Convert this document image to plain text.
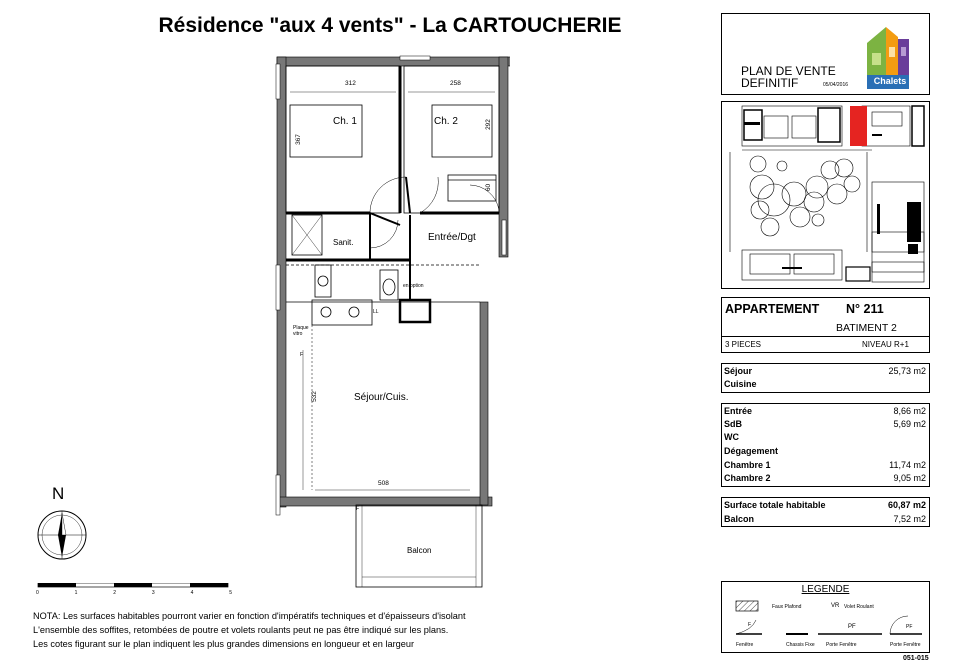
Résidence "aux 4 vents" - La CARTOUCHERIE
PLAN DE VENTE
DEFINITIF	05/04/2016	Chalets
APPARTEMENT N° 211
BATIMENT 2
3 PIECES	NIVEAU R+1
Séjour	25,73 m2
Cuisine
Entrée	8,66 m2
SdB	5,69 m2
WC
Dégagement
Chambre 1	11,74 m2
Chambre 2	9,05 m2
Surface totale habitable	60,87 m2
Balcon	7,52 m2
LEGENDE
Faux Plafond	VR Volet Roulant
F	PF	PF
Fenêtre	Chassis Fixe Porte Fenêtre	Porte Fenêtre
051-015
Ch. 1	Ch. 2
Sanit.	Entrée/Dgt
Séjour/Cuis.
Balcon
312	258
367
292
60
532
508
en option
Plaque
vitro
LL
F
F
N
0	1	2	3	4	5
NOTA: Les surfaces habitables pourront varier en fonction d'impératifs techniques et d'épaisseurs d'isolant
L'ensemble des soffites, retombées de poutre et volets roulants peut ne pas être indiqué sur les plans.
Les cotes figurant sur le plan indiquent les plus grandes dimensions en longueur et en largeur
